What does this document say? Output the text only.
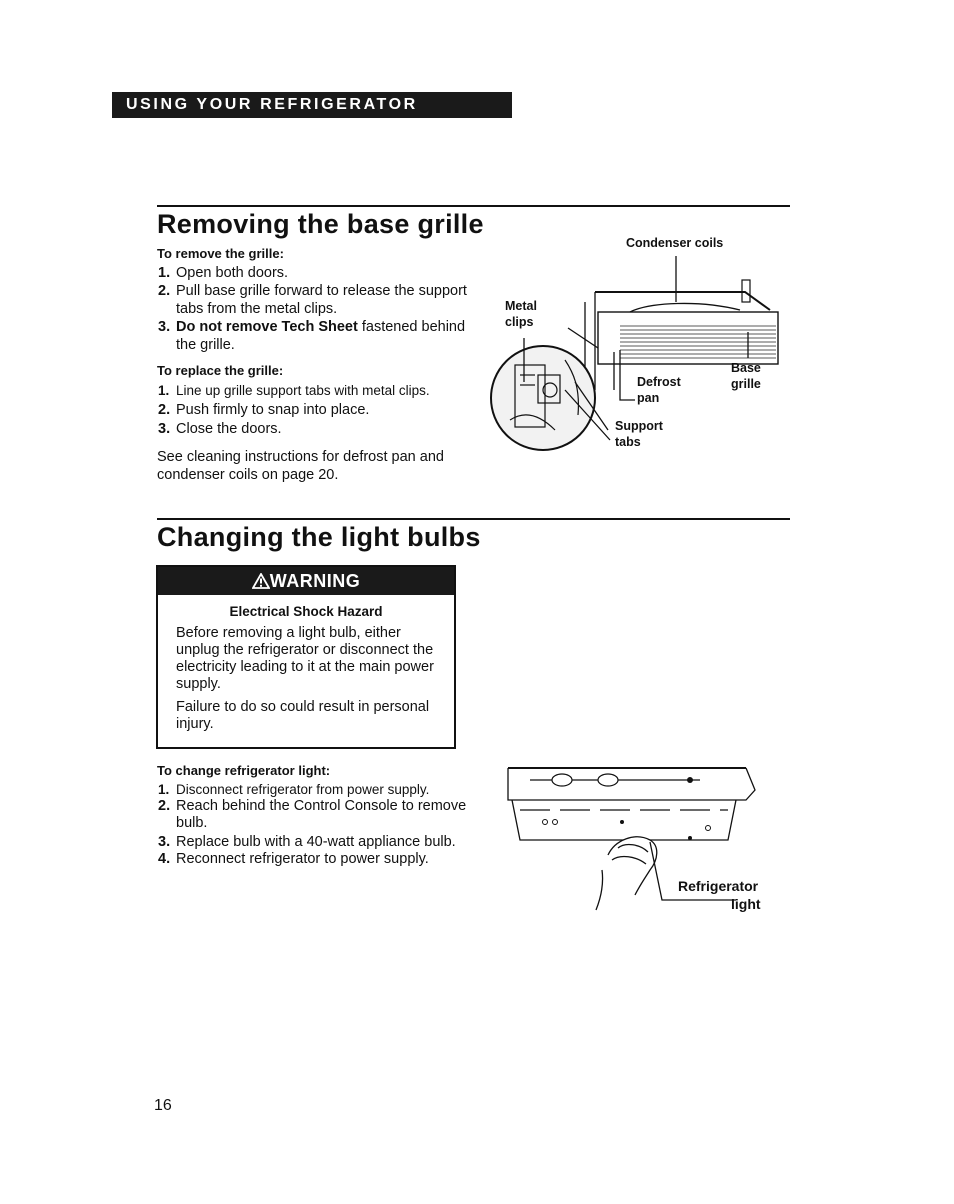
USING YOUR REFRIGERATOR
Removing the base grille

To remove the grille:

1. Open both doors.
2. Pull base grille forward to release the support tabs from the metal clips.
3. Do not remove Tech Sheet fastened behind the grille.

To replace the grille:

1. Line up grille support tabs with metal clips.
2. Push firmly to snap into place.
3. Close the doors.

See cleaning instructions for defrost pan and condenser coils on page 20.

Condenser coils
Metal
clips
Base
grille
Defrost
pan
Support
tabs
Changing the light bulbs
WARNING
Electrical Shock Hazard

Before removing a light bulb, either unplug the refrigerator or disconnect the electricity leading to it at the main power supply.

Failure to do so could result in personal injury.

To change refrigerator light:

1. Disconnect refrigerator from power supply.
2. Reach behind the Control Console to remove bulb.
3. Replace bulb with a 40-watt appliance bulb.
4. Reconnect refrigerator to power supply.
Refrigerator
light
16
